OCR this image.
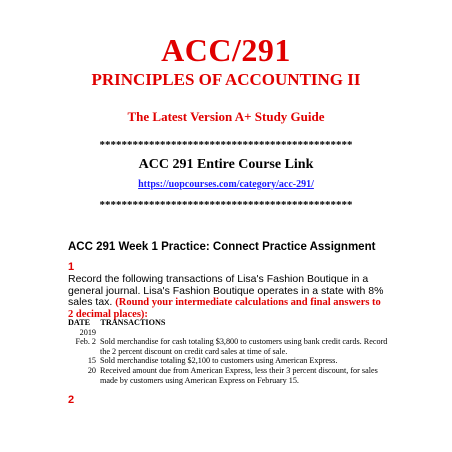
ACC/291
PRINCIPLES OF ACCOUNTING II
The Latest Version A+ Study Guide
**********************************************
ACC 291 Entire Course Link
https://uopcourses.com/category/acc-291/
**********************************************
ACC 291 Week 1 Practice: Connect Practice Assignment
1
Record the following transactions of Lisa's Fashion Boutique in a general journal. Lisa's Fashion Boutique operates in a state with 8% sales tax. (Round your intermediate calculations and final answers to 2 decimal places):
DATE TRANSACTIONS
2019

Feb. 2 Sold merchandise for cash totaling $3,800 to customers using bank credit cards. Record the 2 percent discount on credit card sales at time of sale.
15 Sold merchandise totaling $2,100 to customers using American Express.
20 Received amount due from American Express, less their 3 percent discount, for sales made by customers using American Express on February 15.
2
